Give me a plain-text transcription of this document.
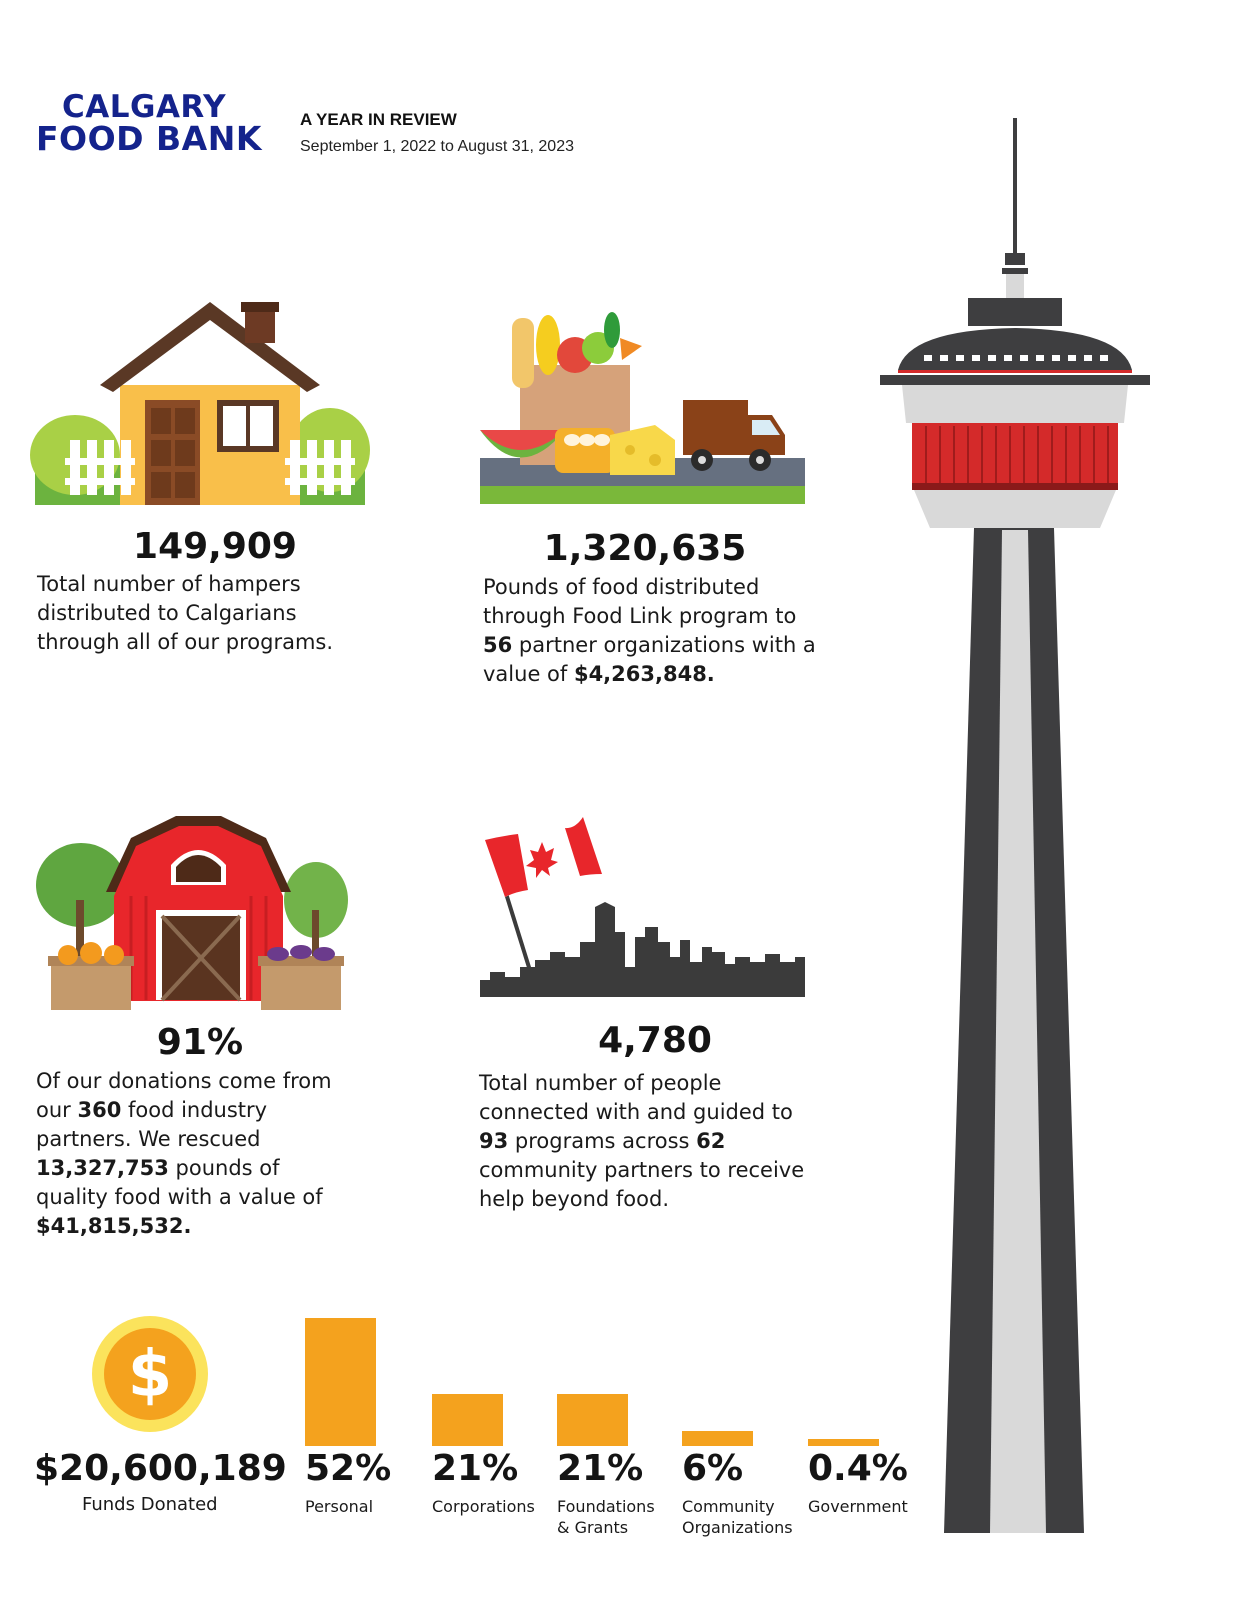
CALGARY
FOOD BANK A YEAR IN REVIEW
September 1, 2022 to August 31, 2023
149,909
Total number of hampers distributed to Calgarians through all of our programs.
1,320,635
Pounds of food distributed through Food Link program to 56 partner organizations with a value of $4,263,848.
91%
Of our donations come from our 360 food industry partners. We rescued 13,327,753 pounds of quality food with a value of $41,815,532.
4,780
Total number of people connected with and guided to 93 programs across 62 community partners to receive help beyond food.
$
$20,600,189
Funds Donated
52%
Personal
21%
Corporations
21%
Foundations
& Grants
6%
Community
Organizations
0.4%
Government
